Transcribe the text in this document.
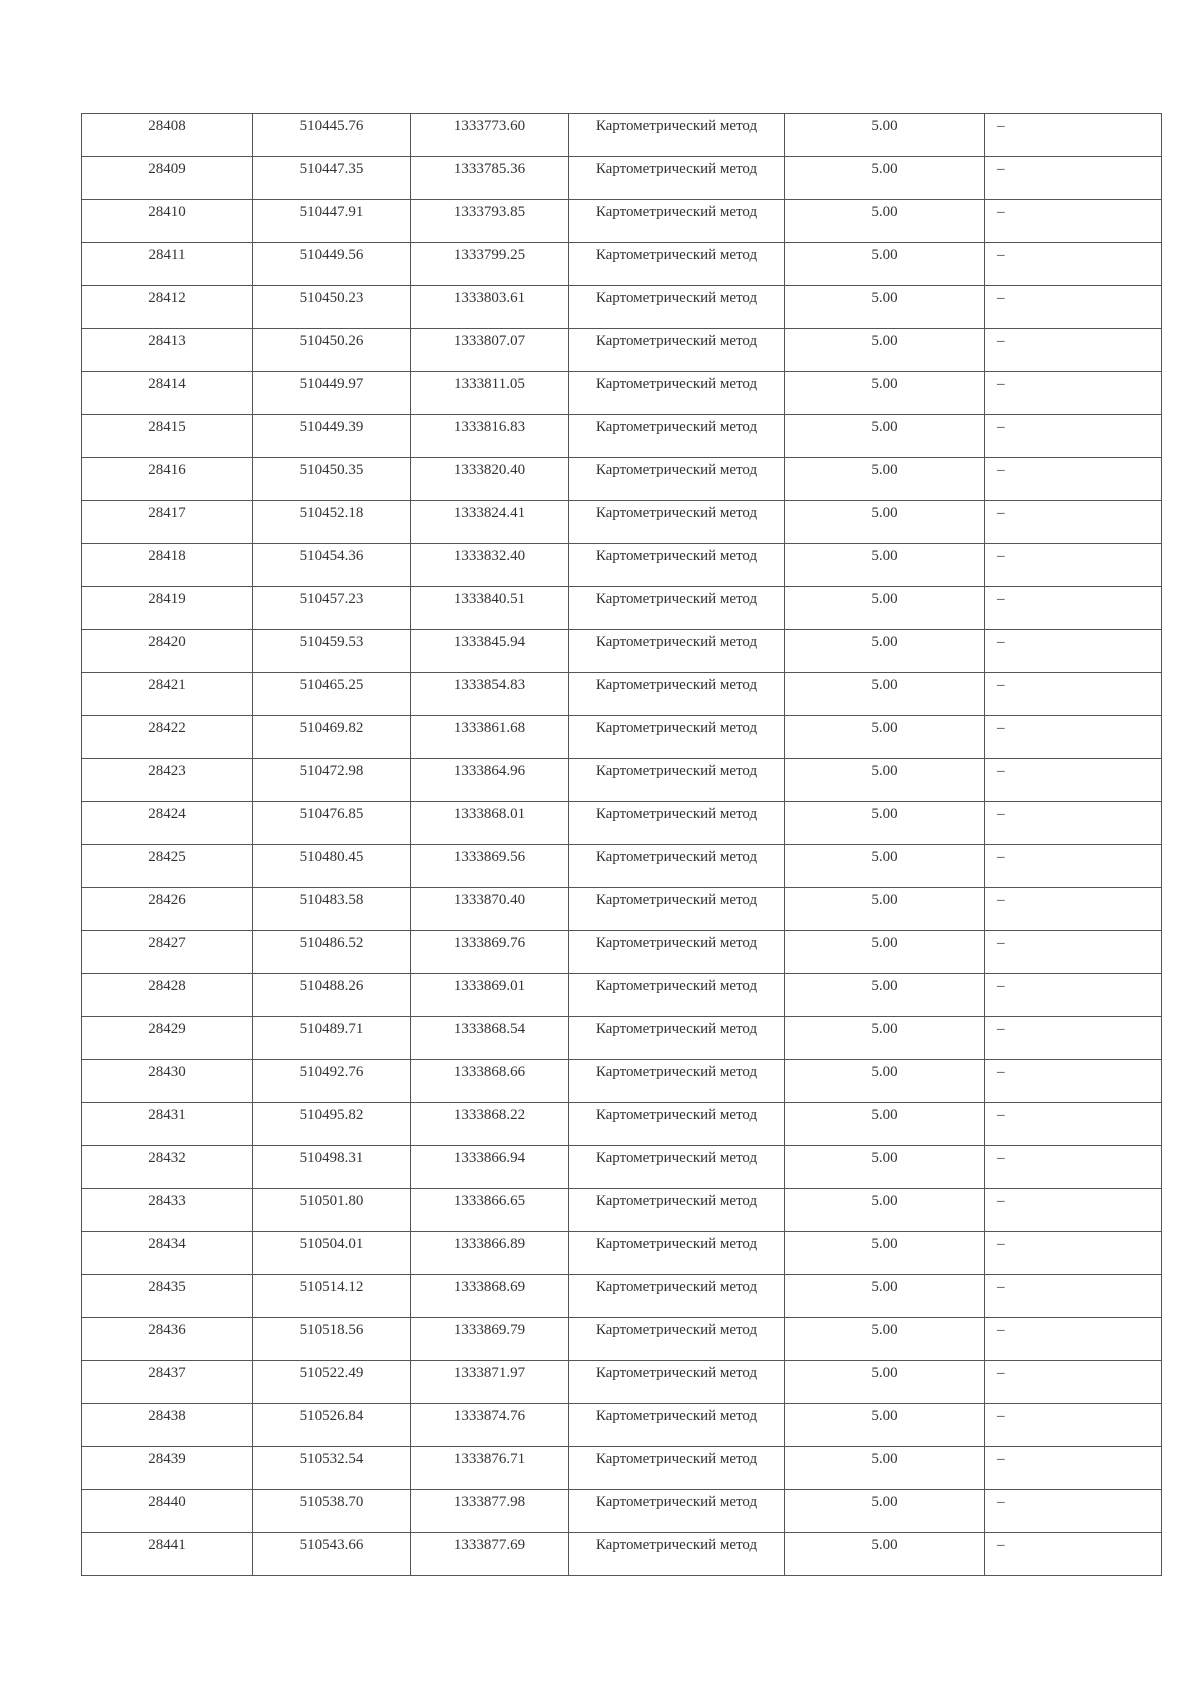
28408	510445.76	1333773.60	Картометрический метод	5.00	–

28409	510447.35	1333785.36	Картометрический метод	5.00	–

28410	510447.91	1333793.85	Картометрический метод	5.00	–

28411	510449.56	1333799.25	Картометрический метод	5.00	–

28412	510450.23	1333803.61	Картометрический метод	5.00	–

28413	510450.26	1333807.07	Картометрический метод	5.00	–

28414	510449.97	1333811.05	Картометрический метод	5.00	–

28415	510449.39	1333816.83	Картометрический метод	5.00	–

28416	510450.35	1333820.40	Картометрический метод	5.00	–

28417	510452.18	1333824.41	Картометрический метод	5.00	–

28418	510454.36	1333832.40	Картометрический метод	5.00	–

28419	510457.23	1333840.51	Картометрический метод	5.00	–

28420	510459.53	1333845.94	Картометрический метод	5.00	–

28421	510465.25	1333854.83	Картометрический метод	5.00	–

28422	510469.82	1333861.68	Картометрический метод	5.00	–

28423	510472.98	1333864.96	Картометрический метод	5.00	–

28424	510476.85	1333868.01	Картометрический метод	5.00	–

28425	510480.45	1333869.56	Картометрический метод	5.00	–

28426	510483.58	1333870.40	Картометрический метод	5.00	–

28427	510486.52	1333869.76	Картометрический метод	5.00	–

28428	510488.26	1333869.01	Картометрический метод	5.00	–

28429	510489.71	1333868.54	Картометрический метод	5.00	–

28430	510492.76	1333868.66	Картометрический метод	5.00	–

28431	510495.82	1333868.22	Картометрический метод	5.00	–

28432	510498.31	1333866.94	Картометрический метод	5.00	–

28433	510501.80	1333866.65	Картометрический метод	5.00	–

28434	510504.01	1333866.89	Картометрический метод	5.00	–

28435	510514.12	1333868.69	Картометрический метод	5.00	–

28436	510518.56	1333869.79	Картометрический метод	5.00	–

28437	510522.49	1333871.97	Картометрический метод	5.00	–

28438	510526.84	1333874.76	Картометрический метод	5.00	–

28439	510532.54	1333876.71	Картометрический метод	5.00	–

28440	510538.70	1333877.98	Картометрический метод	5.00	–

28441	510543.66	1333877.69	Картометрический метод	5.00	–
